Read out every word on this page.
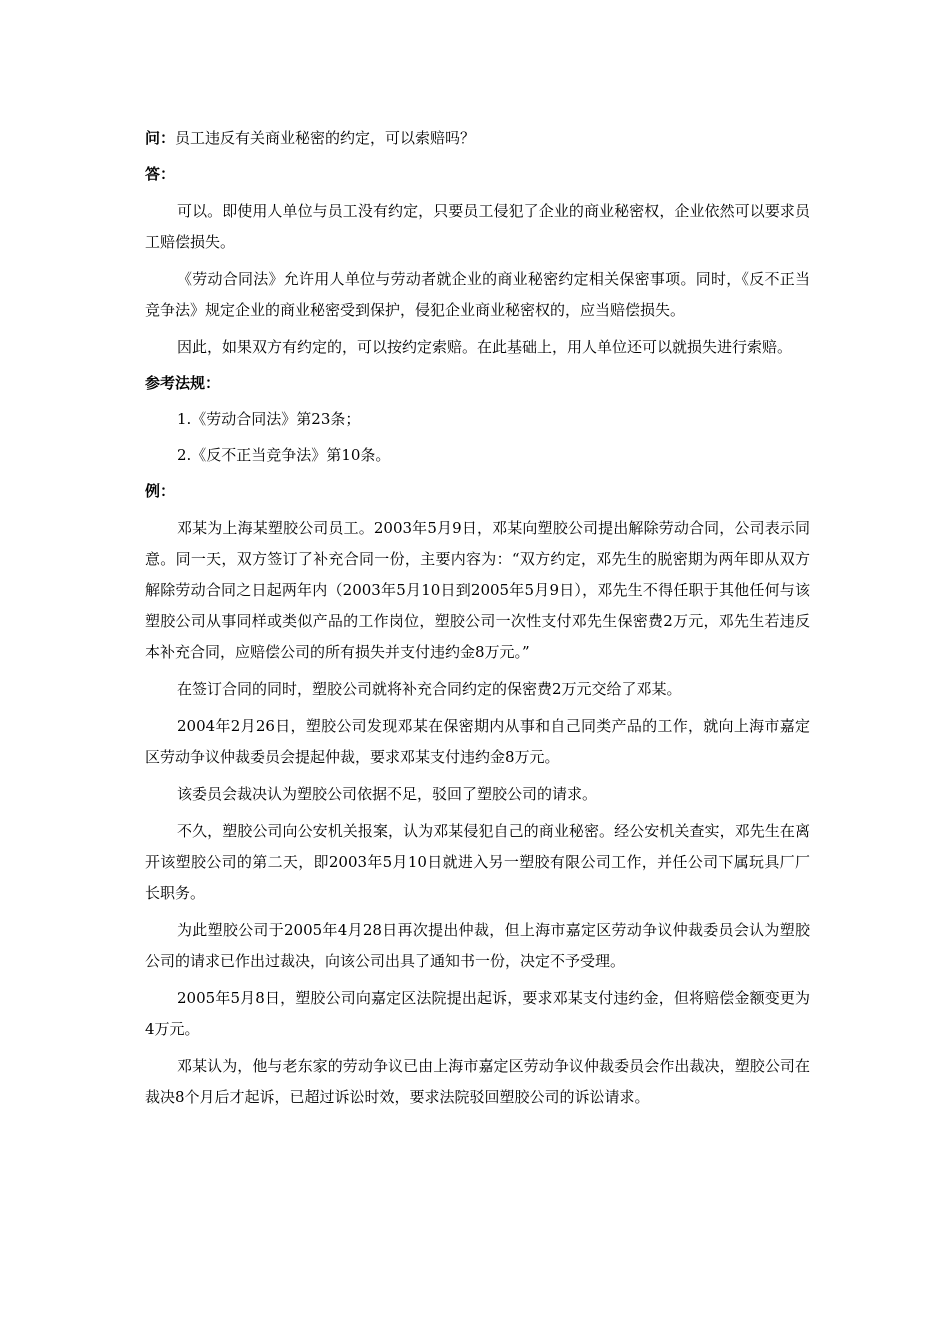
问：员工违反有关商业秘密的约定，可以索赔吗？
答：

可以。即使用人单位与员工没有约定，只要员工侵犯了企业的商业秘密权，企业依然可以要求员工赔偿损失。

《劳动合同法》允许用人单位与劳动者就企业的商业秘密约定相关保密事项。同时，《反不正当竞争法》规定企业的商业秘密受到保护，侵犯企业商业秘密权的，应当赔偿损失。

因此，如果双方有约定的，可以按约定索赔。在此基础上，用人单位还可以就损失进行索赔。

参考法规：

1.《劳动合同法》第23条；

2.《反不正当竞争法》第10条。

例：

邓某为上海某塑胶公司员工。2003年5月9日，邓某向塑胶公司提出解除劳动合同，公司表示同意。同一天，双方签订了补充合同一份，主要内容为：“双方约定，邓先生的脱密期为两年即从双方解除劳动合同之日起两年内（2003年5月10日到2005年5月9日），邓先生不得任职于其他任何与该塑胶公司从事同样或类似产品的工作岗位，塑胶公司一次性支付邓先生保密费2万元，邓先生若违反本补充合同，应赔偿公司的所有损失并支付违约金8万元。”

在签订合同的同时，塑胶公司就将补充合同约定的保密费2万元交给了邓某。

2004年2月26日，塑胶公司发现邓某在保密期内从事和自己同类产品的工作，就向上海市嘉定区劳动争议仲裁委员会提起仲裁，要求邓某支付违约金8万元。

该委员会裁决认为塑胶公司依据不足，驳回了塑胶公司的请求。

不久，塑胶公司向公安机关报案，认为邓某侵犯自己的商业秘密。经公安机关查实，邓先生在离开该塑胶公司的第二天，即2003年5月10日就进入另一塑胶有限公司工作，并任公司下属玩具厂厂长职务。

为此塑胶公司于2005年4月28日再次提出仲裁，但上海市嘉定区劳动争议仲裁委员会认为塑胶公司的请求已作出过裁决，向该公司出具了通知书一份，决定不予受理。

2005年5月8日，塑胶公司向嘉定区法院提出起诉，要求邓某支付违约金，但将赔偿金额变更为4万元。

邓某认为，他与老东家的劳动争议已由上海市嘉定区劳动争议仲裁委员会作出裁决，塑胶公司在裁决8个月后才起诉，已超过诉讼时效，要求法院驳回塑胶公司的诉讼请求。
